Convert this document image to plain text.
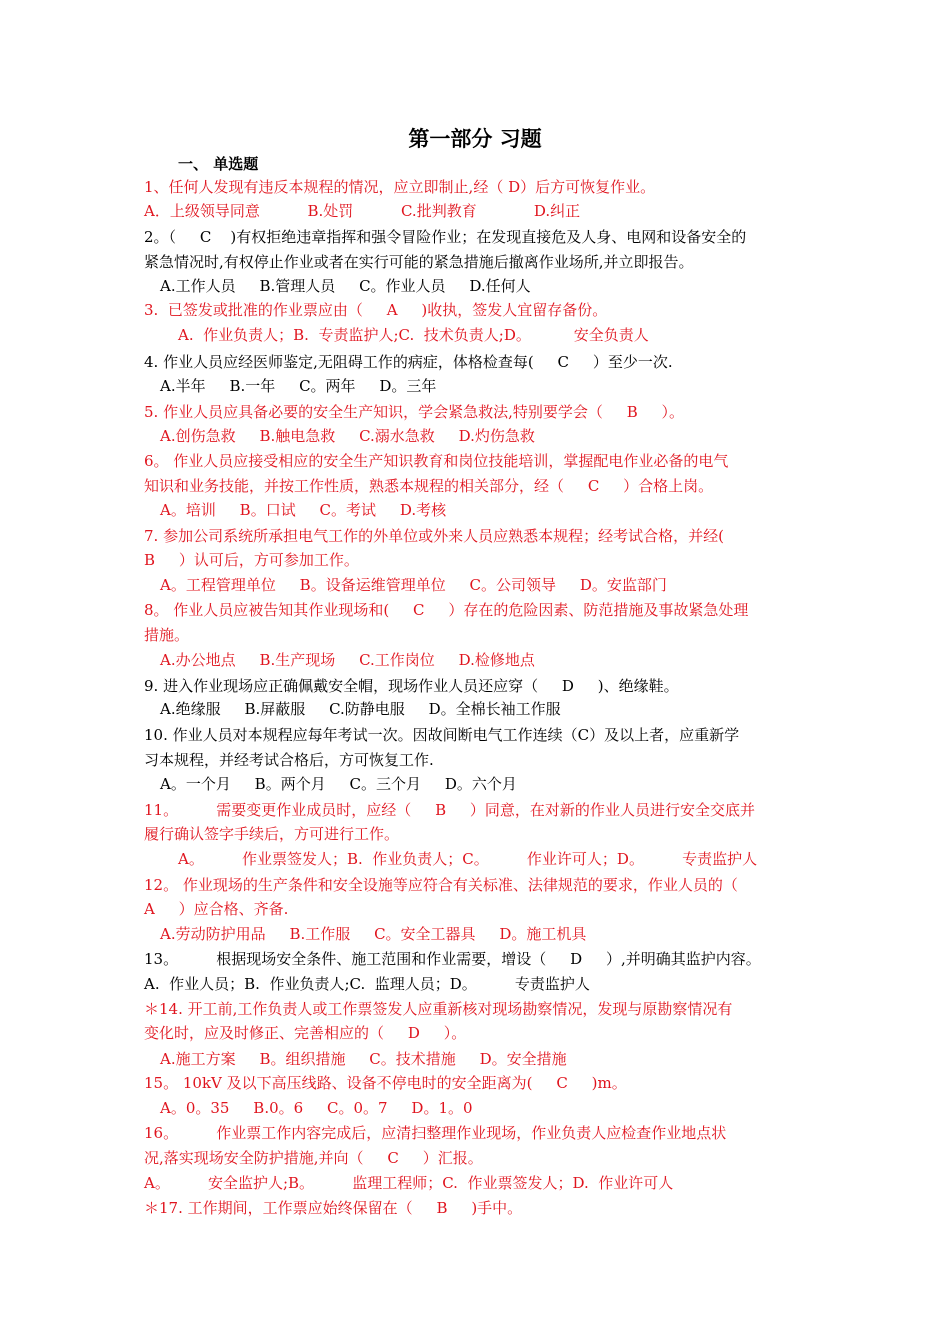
第一部分 习题
一、 单选题
1、任何人发现有违反本规程的情况，应立即制止,经（ D）后方可恢复作业。
A．上级领导同意          B.处罚          C.批判教育            D.纠正
2。（     C    )有权拒绝违章指挥和强令冒险作业；在发现直接危及人身、电网和设备安全的
紧急情况时,有权停止作业或者在实行可能的紧急措施后撤离作业场所,并立即报告。
A.工作人员     B.管理人员     C。作业人员     D.任何人
3.  已签发或批准的作业票应由（     A     )收执，签发人宜留存备份。
A.  作业负责人；B.  专责监护人;C.  技术负责人;D。         安全负责人
4. 作业人员应经医师鉴定,无阻碍工作的病症，体格检查每(     C     ）至少一次.
A.半年     B.一年     C。两年     D。三年
5. 作业人员应具备必要的安全生产知识，学会紧急救法,特别要学会（     B     ）。
A.创伤急救     B.触电急救     C.溺水急救     D.灼伤急救
6。 作业人员应接受相应的安全生产知识教育和岗位技能培训，掌握配电作业必备的电气
知识和业务技能，并按工作性质，熟悉本规程的相关部分，经（     C     ）合格上岗。
A。培训     B。口试     C。考试     D.考核
7. 参加公司系统所承担电气工作的外单位或外来人员应熟悉本规程；经考试合格，并经(
B     ）认可后，方可参加工作。
A。工程管理单位     B。设备运维管理单位     C。公司领导     D。安监部门
8。 作业人员应被告知其作业现场和(     C     ）存在的危险因素、防范措施及事故紧急处理
措施。
A.办公地点     B.生产现场     C.工作岗位     D.检修地点
9. 进入作业现场应正确佩戴安全帽，现场作业人员还应穿（     D     )、绝缘鞋。
A.绝缘服     B.屏蔽服     C.防静电服     D。全棉长袖工作服
10. 作业人员对本规程应每年考试一次。因故间断电气工作连续（C）及以上者，应重新学
习本规程，并经考试合格后，方可恢复工作.
A。一个月     B。两个月     C。三个月     D。六个月
11。        需要变更作业成员时，应经（     B     ）同意，在对新的作业人员进行安全交底并
履行确认签字手续后，方可进行工作。
A。        作业票签发人；B.  作业负责人；C。        作业许可人；D。        专责监护人
12。 作业现场的生产条件和安全设施等应符合有关标准、法律规范的要求，作业人员的（
A     ）应合格、齐备.
A.劳动防护用品     B.工作服     C。安全工器具     D。施工机具
13。        根据现场安全条件、施工范围和作业需要，增设（     D     ）,并明确其监护内容。
A.  作业人员；B.  作业负责人;C.  监理人员；D。        专责监护人
＊14. 开工前,工作负责人或工作票签发人应重新核对现场勘察情况，发现与原勘察情况有
变化时，应及时修正、完善相应的（     D     ）。
A.施工方案     B。组织措施     C。技术措施     D。安全措施
15。 10kV 及以下高压线路、设备不停电时的安全距离为(     C     )m。
A。0。35     B.0。6     C。0。7     D。1。0
16。        作业票工作内容完成后，应清扫整理作业现场，作业负责人应检查作业地点状
况,落实现场安全防护措施,并向（     C     ）汇报。
A。        安全监护人;B。        监理工程师；C.  作业票签发人；D.  作业许可人
＊17. 工作期间，工作票应始终保留在（     B     )手中。
